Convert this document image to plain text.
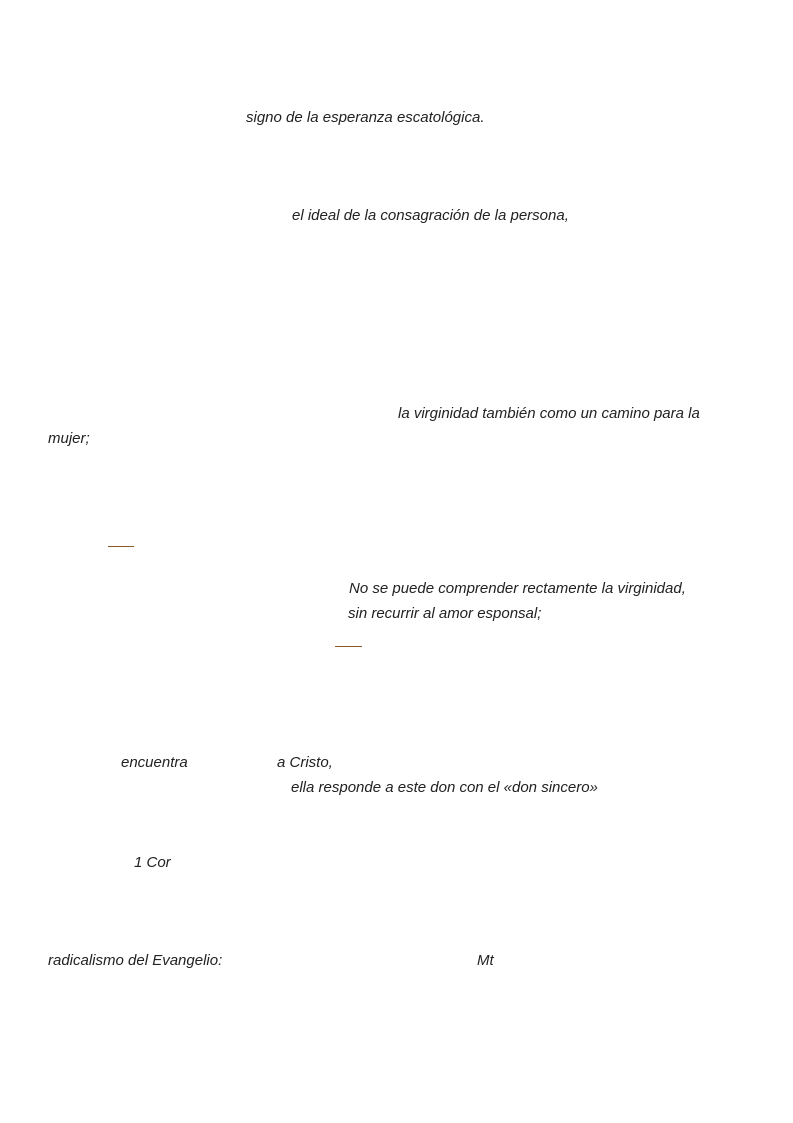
signo de la esperanza escatológica.
el ideal de la consagración de la persona,
la virginidad también como un camino para la
mujer;
No se puede comprender rectamente la virginidad,
sin recurrir al amor esponsal;
encuentra	a Cristo,
ella responde a este don con el «don sincero»
1 Cor
radicalismo del Evangelio:	Mt
